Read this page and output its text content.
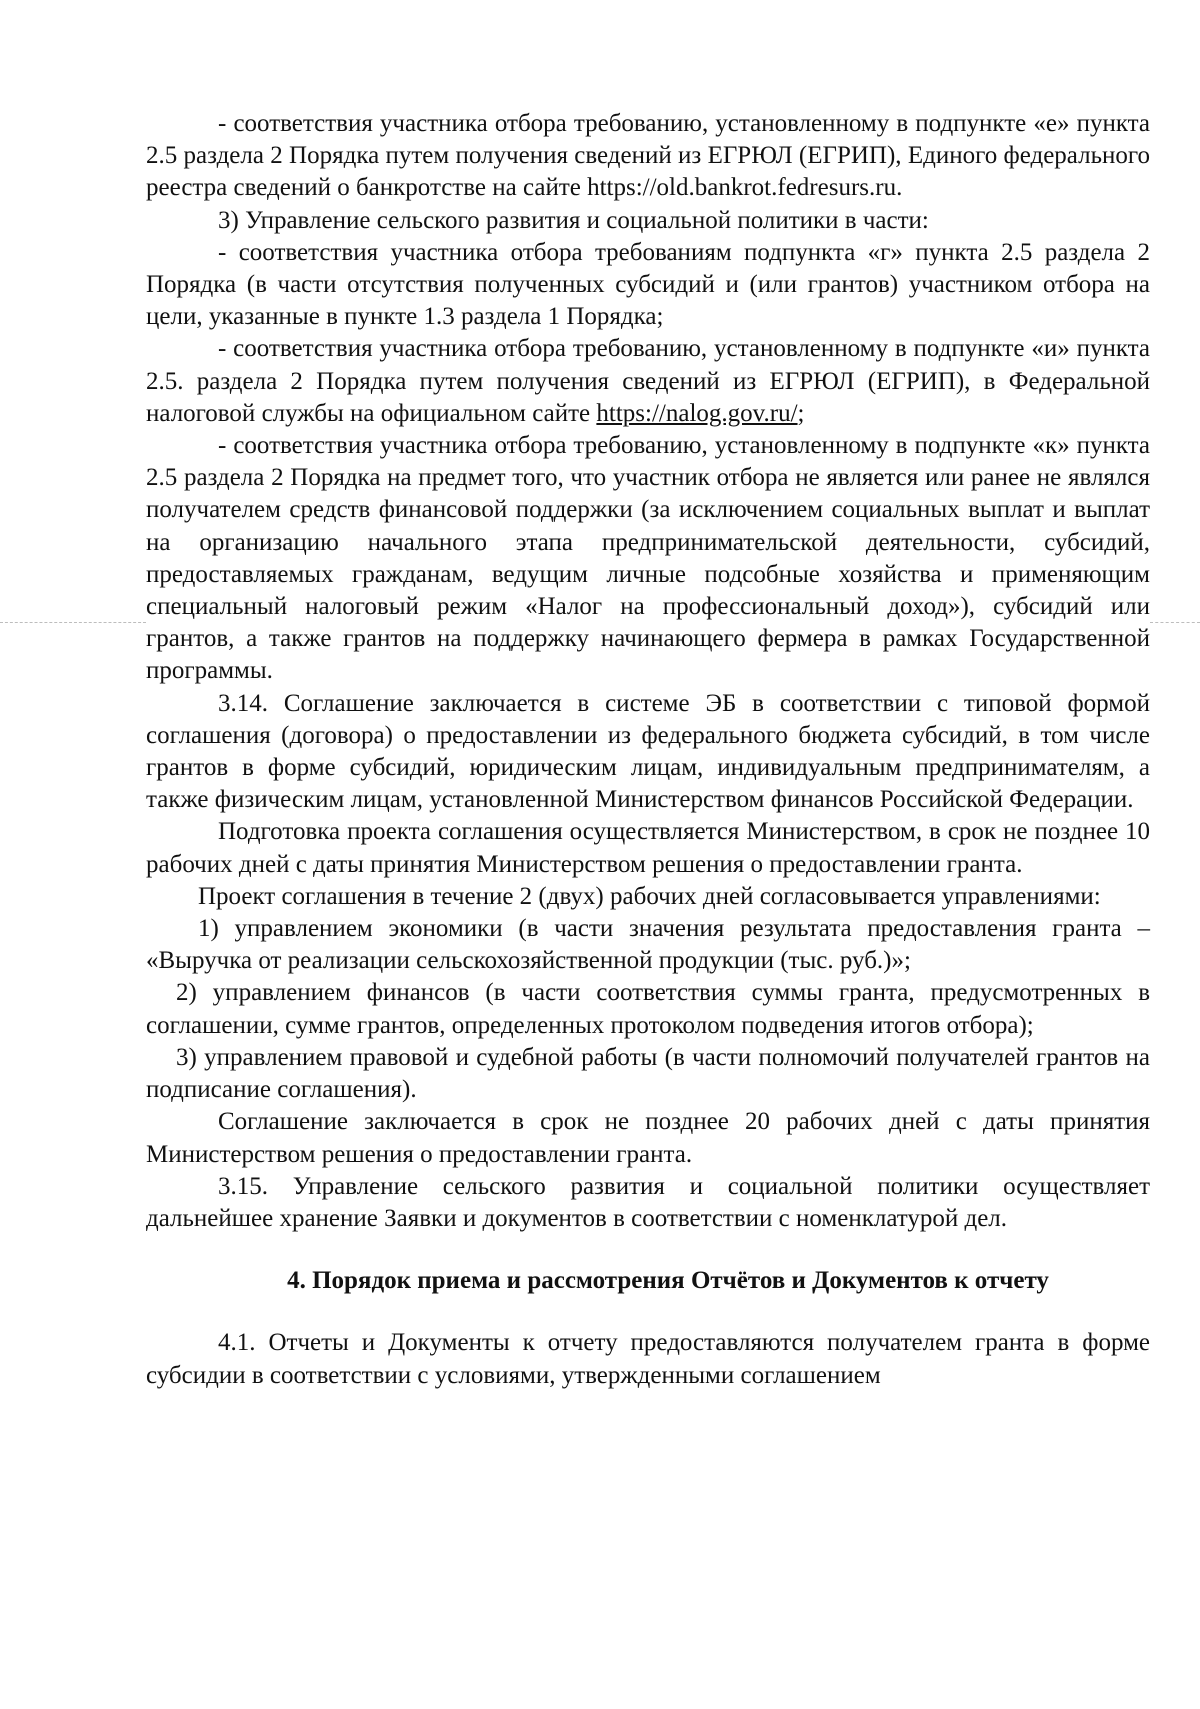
- соответствия участника отбора требованию, установленному в подпункте «е» пункта 2.5 раздела 2 Порядка путем получения сведений из ЕГРЮЛ (ЕГРИП), Единого федерального реестра сведений о банкротстве на сайте https://old.bankrot.fedresurs.ru.

3) Управление сельского развития и социальной политики в части:

- соответствия участника отбора требованиям подпункта «г» пункта 2.5 раздела 2 Порядка (в части отсутствия полученных субсидий и (или грантов) участником отбора на цели, указанные в пункте 1.3 раздела 1 Порядка;

- соответствия участника отбора требованию, установленному в подпункте «и» пункта 2.5. раздела 2 Порядка путем получения сведений из ЕГРЮЛ (ЕГРИП), в Федеральной налоговой службы на официальном сайте https://nalog.gov.ru/;

- соответствия участника отбора требованию, установленному в подпункте «к» пункта 2.5 раздела 2 Порядка на предмет того, что участник отбора не является или ранее не являлся получателем средств финансовой поддержки (за исключением социальных выплат и выплат на организацию начального этапа предпринимательской деятельности, субсидий, предоставляемых гражданам, ведущим личные подсобные хозяйства и применяющим специальный налоговый режим «Налог на профессиональный доход»), субсидий или грантов, а также грантов на поддержку начинающего фермера в рамках Государственной программы.

3.14. Соглашение заключается в системе ЭБ в соответствии с типовой формой соглашения (договора) о предоставлении из федерального бюджета субсидий, в том числе грантов в форме субсидий, юридическим лицам, индивидуальным предпринимателям, а также физическим лицам, установленной Министерством финансов Российской Федерации.

Подготовка проекта соглашения осуществляется Министерством, в срок не позднее 10 рабочих дней с даты принятия Министерством решения о предоставлении гранта.

Проект соглашения в течение 2 (двух) рабочих дней согласовывается управлениями:

1) управлением экономики (в части значения результата предоставления гранта – «Выручка от реализации сельскохозяйственной продукции (тыс. руб.)»;

2) управлением финансов (в части соответствия суммы гранта, предусмотренных в соглашении, сумме грантов, определенных протоколом подведения итогов отбора);

3) управлением правовой и судебной работы (в части полномочий получателей грантов на подписание соглашения).

Соглашение заключается в срок не позднее 20 рабочих дней с даты принятия Министерством решения о предоставлении гранта.

3.15. Управление сельского развития и социальной политики осуществляет дальнейшее хранение Заявки и документов в соответствии с номенклатурой дел.

4. Порядок приема и рассмотрения Отчётов и Документов к отчету

4.1. Отчеты и Документы к отчету предоставляются получателем гранта в форме субсидии в соответствии с условиями, утвержденными соглашением
